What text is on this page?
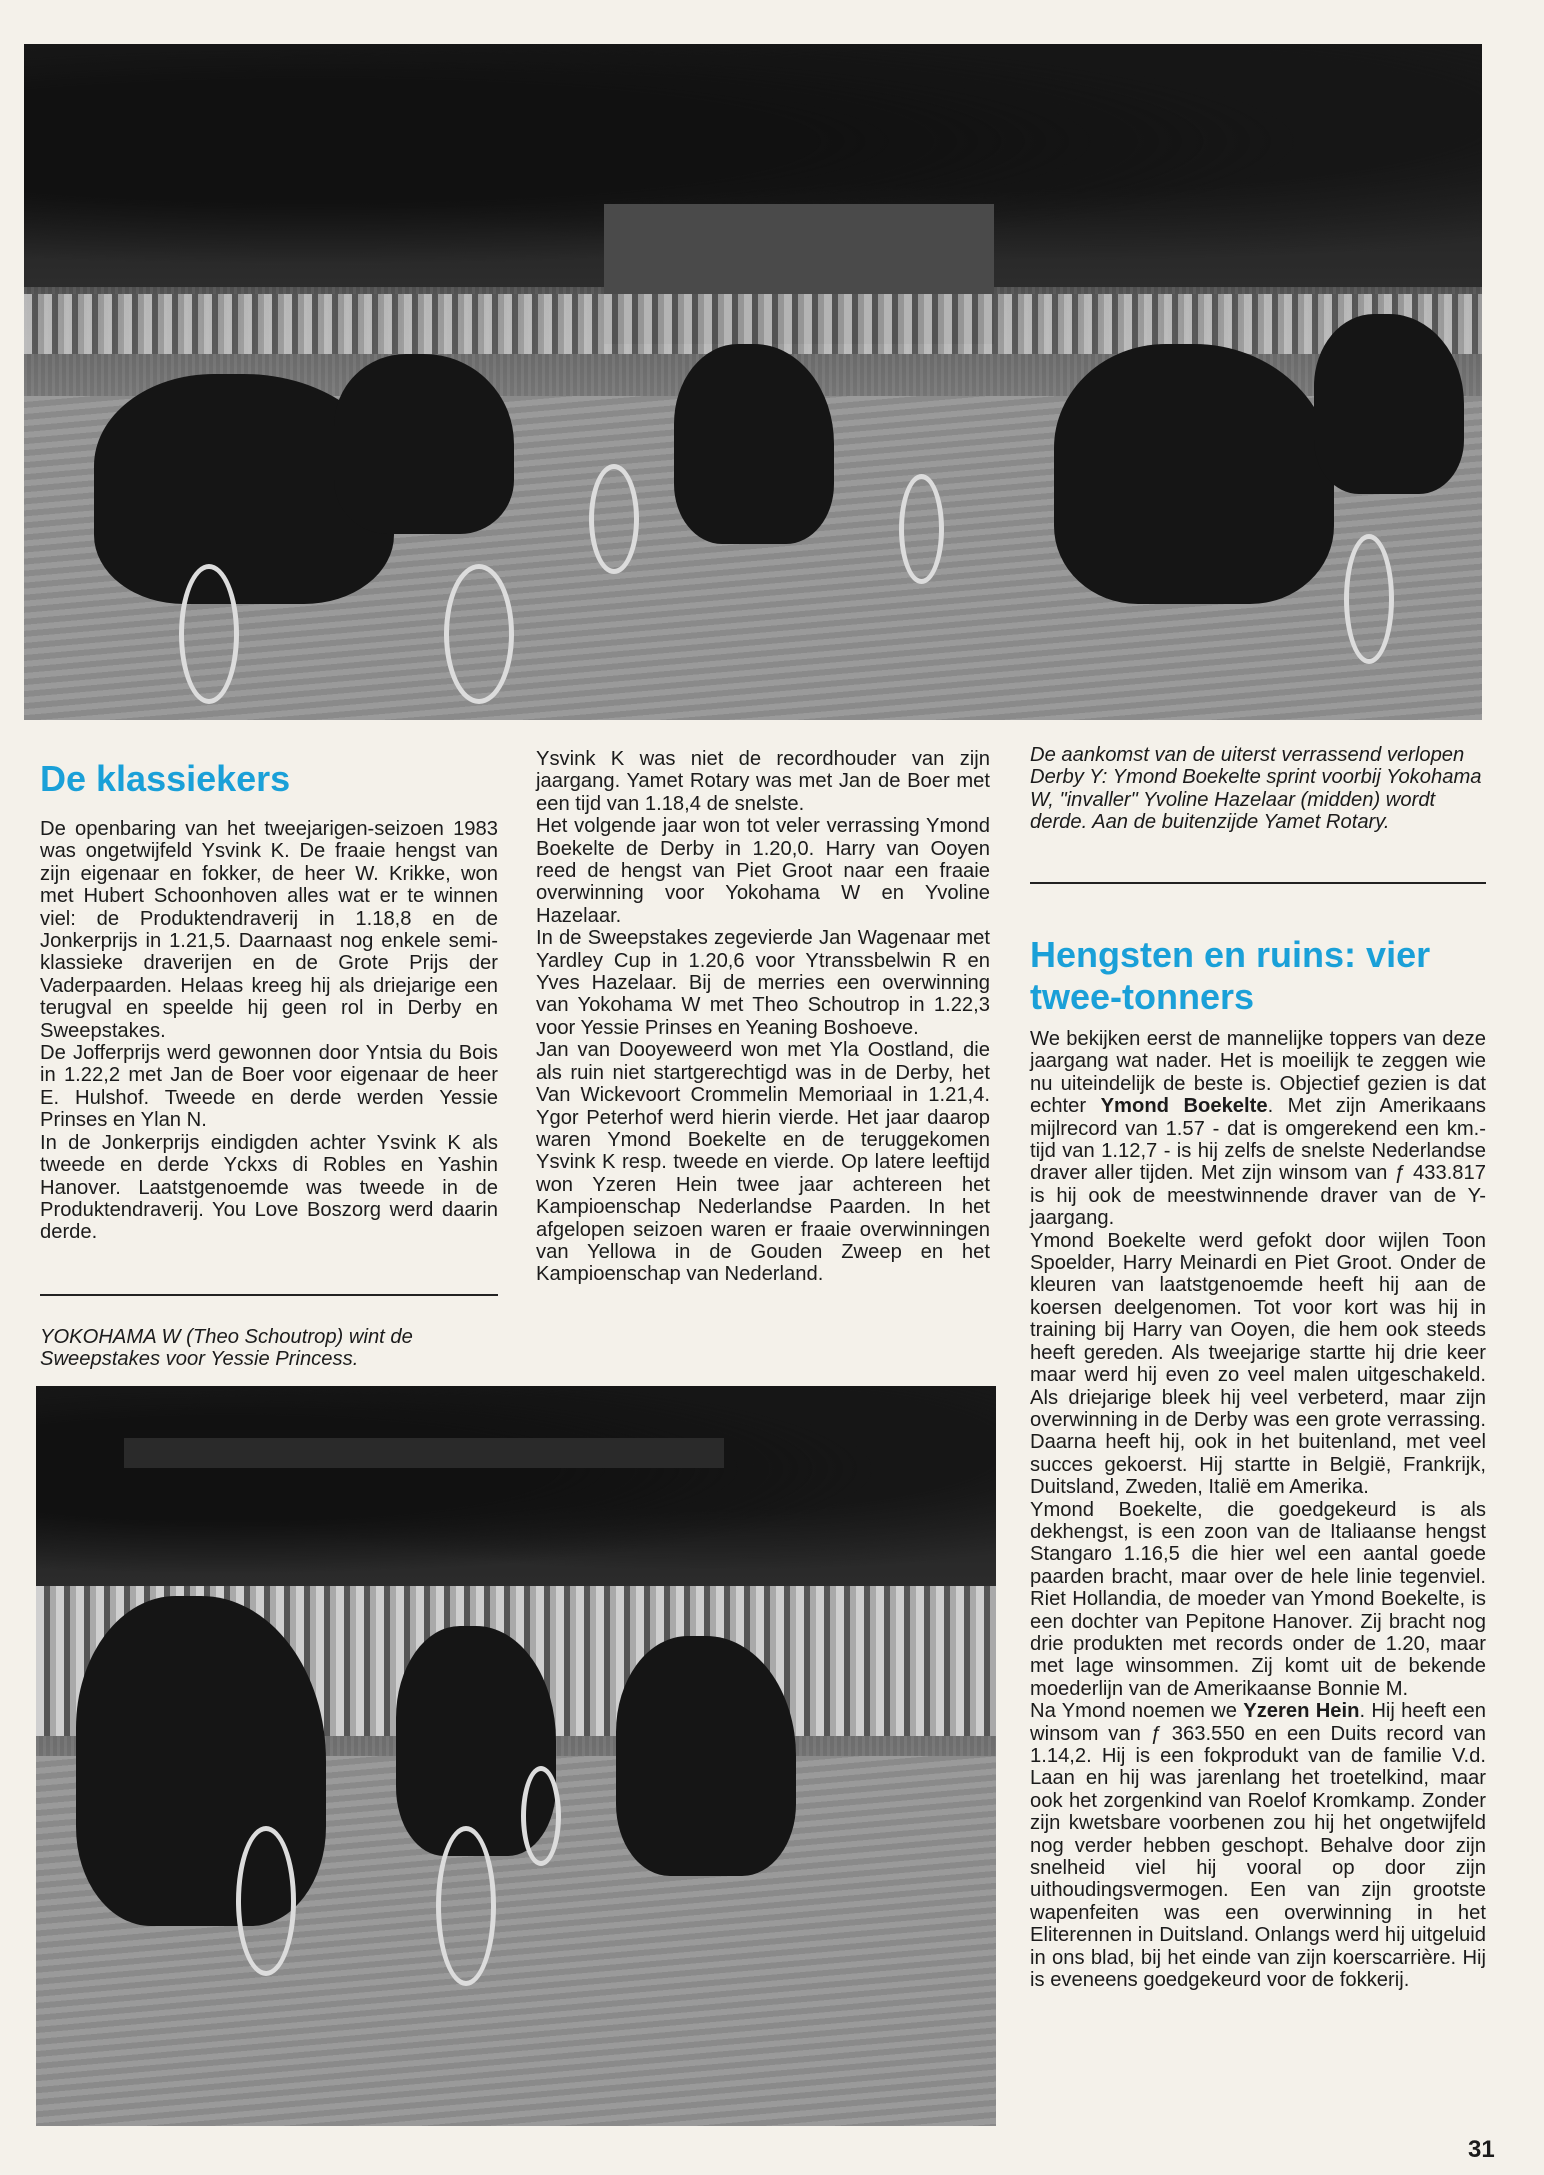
De klassiekers

De openbaring van het tweejarigen-seizoen 1983 was ongetwijfeld Ysvink K. De fraaie hengst van zijn eigenaar en fokker, de heer W. Krikke, won met Hubert Schoonhoven alles wat er te winnen viel: de Produktendraverij in 1.18,8 en de Jonkerprijs in 1.21,5. Daarnaast nog enkele semi-klassieke draverijen en de Grote Prijs der Vaderpaarden. Helaas kreeg hij als driejarige een terugval en speelde hij geen rol in Derby en Sweepstakes.

De Jofferprijs werd gewonnen door Yntsia du Bois in 1.22,2 met Jan de Boer voor eigenaar de heer E. Hulshof. Tweede en derde werden Yessie Prinses en Ylan N.

In de Jonkerprijs eindigden achter Ysvink K als tweede en derde Yckxs di Robles en Yashin Hanover. Laatstgenoemde was tweede in de Produktendraverij. You Love Boszorg werd daarin derde.

YOKOHAMA W (Theo Schoutrop) wint de Sweepstakes voor Yessie Princess.

Ysvink K was niet de recordhouder van zijn jaargang. Yamet Rotary was met Jan de Boer met een tijd van 1.18,4 de snelste.

Het volgende jaar won tot veler verrassing Ymond Boekelte de Derby in 1.20,0. Harry van Ooyen reed de hengst van Piet Groot naar een fraaie overwinning voor Yokohama W en Yvoline Hazelaar.

In de Sweepstakes zegevierde Jan Wagenaar met Yardley Cup in 1.20,6 voor Ytranssbelwin R en Yves Hazelaar. Bij de merries een overwinning van Yokohama W met Theo Schoutrop in 1.22,3 voor Yessie Prinses en Yeaning Boshoeve.

Jan van Dooyeweerd won met Yla Oostland, die als ruin niet startgerechtigd was in de Derby, het Van Wickevoort Crommelin Memoriaal in 1.21,4. Ygor Peterhof werd hierin vierde. Het jaar daarop waren Ymond Boekelte en de teruggekomen Ysvink K resp. tweede en vierde. Op latere leeftijd won Yzeren Hein twee jaar achtereen het Kampioenschap Nederlandse Paarden. In het afgelopen seizoen waren er fraaie overwinningen van Yellowa in de Gouden Zweep en het Kampioenschap van Nederland.

De aankomst van de uiterst verrassend verlopen Derby Y: Ymond Boekelte sprint voorbij Yokohama W, "invaller" Yvoline Hazelaar (midden) wordt derde. Aan de buitenzijde Yamet Rotary.
Hengsten en ruins: vier twee-tonners

We bekijken eerst de mannelijke toppers van deze jaargang wat nader. Het is moeilijk te zeggen wie nu uiteindelijk de beste is. Objectief gezien is dat echter Ymond Boekelte. Met zijn Amerikaans mijlrecord van 1.57 - dat is omgerekend een km.-tijd van 1.12,7 - is hij zelfs de snelste Nederlandse draver aller tijden. Met zijn winsom van ƒ 433.817 is hij ook de meestwinnende draver van de Y-jaargang.

Ymond Boekelte werd gefokt door wijlen Toon Spoelder, Harry Meinardi en Piet Groot. Onder de kleuren van laatstgenoemde heeft hij aan de koersen deelgenomen. Tot voor kort was hij in training bij Harry van Ooyen, die hem ook steeds heeft gereden. Als tweejarige startte hij drie keer maar werd hij even zo veel malen uitgeschakeld. Als driejarige bleek hij veel verbeterd, maar zijn overwinning in de Derby was een grote verrassing. Daarna heeft hij, ook in het buitenland, met veel succes gekoerst. Hij startte in België, Frankrijk, Duitsland, Zweden, Italië em Amerika.

Ymond Boekelte, die goedgekeurd is als dekhengst, is een zoon van de Italiaanse hengst Stangaro 1.16,5 die hier wel een aantal goede paarden bracht, maar over de hele linie tegenviel. Riet Hollandia, de moeder van Ymond Boekelte, is een dochter van Pepitone Hanover. Zij bracht nog drie produkten met records onder de 1.20, maar met lage winsommen. Zij komt uit de bekende moederlijn van de Amerikaanse Bonnie M.

Na Ymond noemen we Yzeren Hein. Hij heeft een winsom van ƒ 363.550 en een Duits record van 1.14,2. Hij is een fokprodukt van de familie V.d. Laan en hij was jarenlang het troetelkind, maar ook het zorgenkind van Roelof Kromkamp. Zonder zijn kwetsbare voorbenen zou hij het ongetwijfeld nog verder hebben geschopt. Behalve door zijn snelheid viel hij vooral op door zijn uithoudingsvermogen. Een van zijn grootste wapenfeiten was een overwinning in het Eliterennen in Duitsland. Onlangs werd hij uitgeluid in ons blad, bij het einde van zijn koerscarrière. Hij is eveneens goedgekeurd voor de fokkerij.

31
